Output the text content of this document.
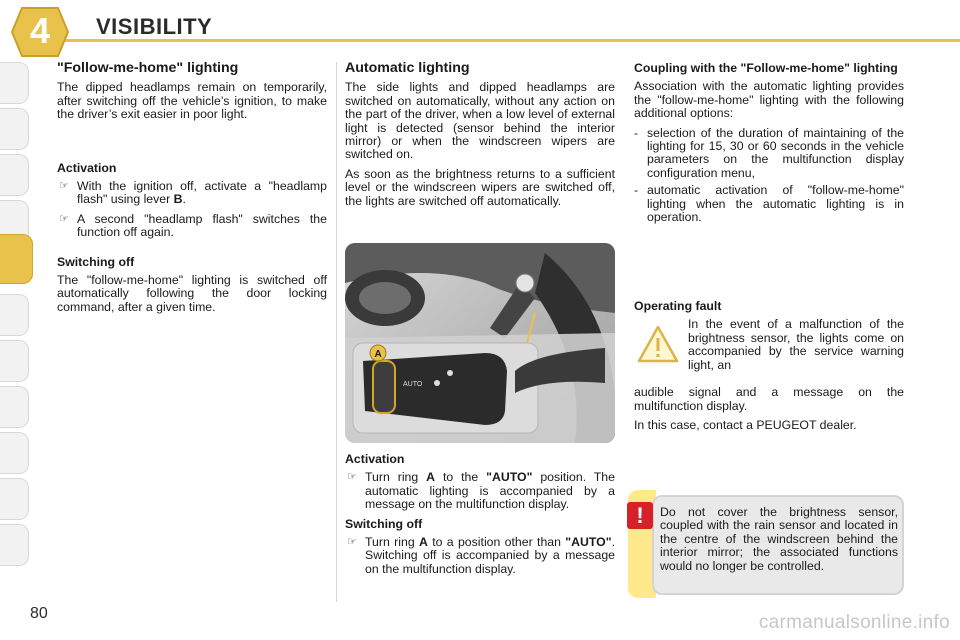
4	VISIBILITY
"Follow-me-home" lighting

The dipped headlamps remain on temporarily, after switching off the vehicle’s ignition, to make the driver’s exit easier in poor light.

Activation
☞ With the ignition off, activate a "headlamp flash" using lever B.
☞ A second "headlamp flash" switches the function off again.
Switching off

The "follow-me-home" lighting is switched off automatically following the door locking command, after a given time.

Automatic lighting

The side lights and dipped headlamps are switched on automatically, without any action on the part of the driver, when a low level of external light is detected (sensor behind the interior mirror) or when the windscreen wipers are switched on.

As soon as the brightness returns to a sufficient level or the windscreen wipers are switched off, the lights are switched off automatically.

AUTO
A
Activation
☞ Turn ring A to the "AUTO" position. The automatic lighting is accompanied by a message on the multifunction display.
Switching off
☞ Turn ring A to a position other than "AUTO". Switching off is accompanied by a message on the multifunction display.
Coupling with the "Follow-me-home" lighting

Association with the automatic lighting provides the "follow-me-home" lighting with the following additional options:

- selection of the duration of maintaining of the lighting for 15, 30 or 60 seconds in the vehicle parameters on the multifunction display configuration menu,
- automatic activation of "follow-me-home" lighting when the automatic lighting is in operation.
Operating fault

In the event of a malfunction of the brightness sensor, the lights come on accompanied by the service warning light, an

audible signal and a message on the multifunction display.

In this case, contact a PEUGEOT dealer.

!	Do not cover the brightness sensor, coupled with the rain sensor and located in the centre of the windscreen behind the interior mirror; the associated functions would no longer be controlled.
80	carmanualsonline.info
